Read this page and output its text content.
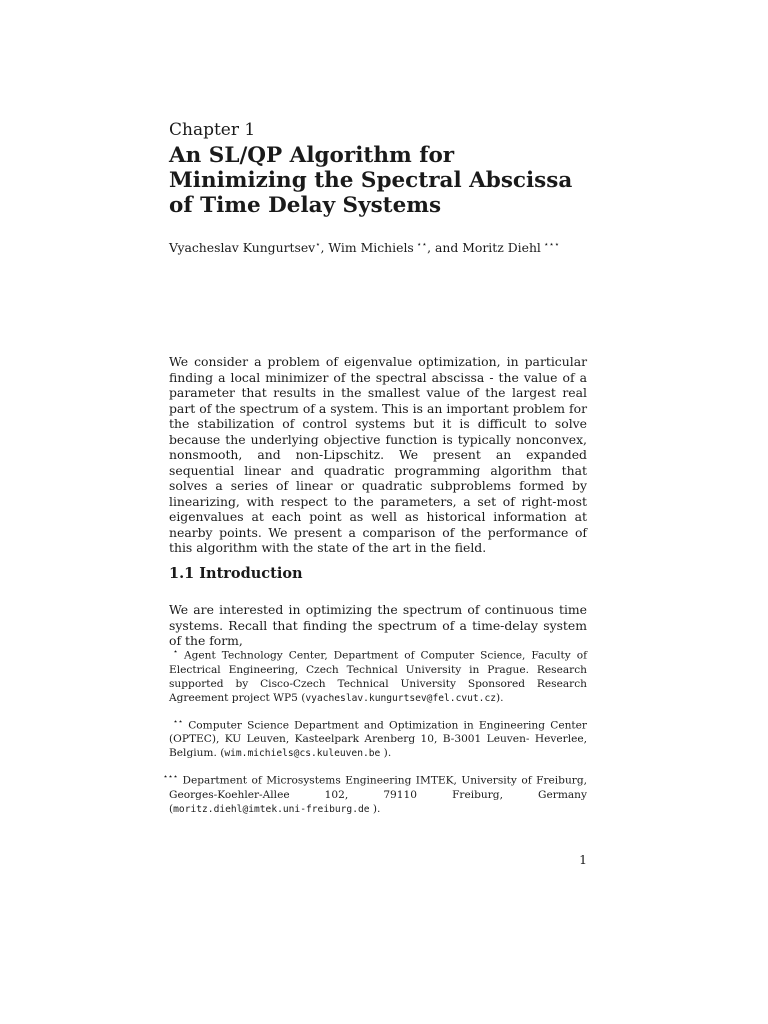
Chapter 1
An SL/QP Algorithm for Minimizing the Spectral Abscissa of Time Delay Systems
Vyacheslav Kungurtsev⋆, Wim Michiels ⋆⋆, and Moritz Diehl ⋆⋆⋆

We consider a problem of eigenvalue optimization, in particular finding a local minimizer of the spectral abscissa - the value of a parameter that results in the smallest value of the largest real part of the spectrum of a system. This is an important problem for the stabilization of control systems but it is difficult to solve because the underlying objective function is typically nonconvex, nonsmooth, and non-Lipschitz. We present an expanded sequential linear and quadratic programming algorithm that solves a series of linear or quadratic subproblems formed by linearizing, with respect to the parameters, a set of right-most eigenvalues at each point as well as historical information at nearby points. We present a comparison of the performance of this algorithm with the state of the art in the field.

1.1 Introduction

We are interested in optimizing the spectrum of continuous time systems. Recall that finding the spectrum of a time-delay system of the form,

⋆ Agent Technology Center, Department of Computer Science, Faculty of Electrical Engineering, Czech Technical University in Prague. Research supported by Cisco-Czech Technical University Sponsored Research Agreement project WP5 (vyacheslav.kungurtsev@fel.cvut.cz).

⋆⋆ Computer Science Department and Optimization in Engineering Center (OPTEC), KU Leuven, Kasteelpark Arenberg 10, B-3001 Leuven- Heverlee, Belgium. (wim.michiels@cs.kuleuven.be ).

⋆⋆⋆ Department of Microsystems Engineering IMTEK, University of Freiburg, Georges-Koehler-Allee 102, 79110 Freiburg, Germany (moritz.diehl@imtek.uni-freiburg.de ).

1
